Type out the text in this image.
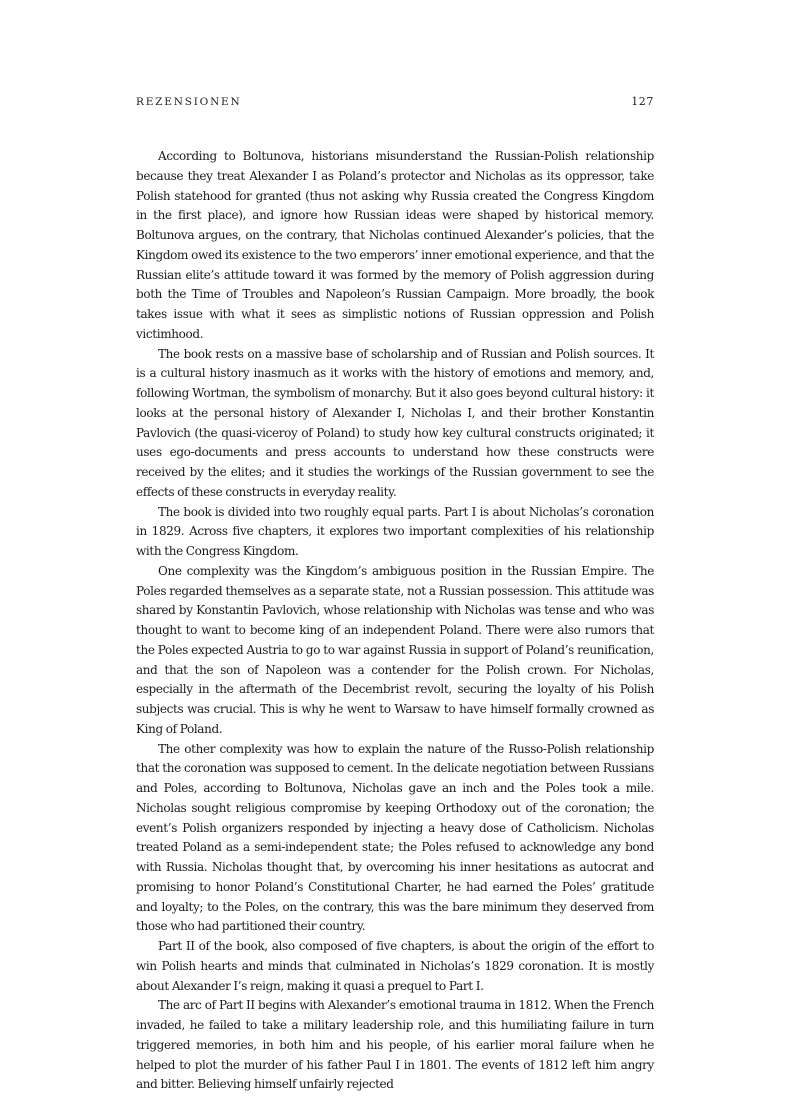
REZENSIONEN	127

According to Boltunova, historians misunderstand the Russian-Polish relationship because they treat Alexander I as Poland’s protector and Nicholas as its oppressor, take Polish statehood for granted (thus not asking why Russia created the Congress Kingdom in the first place), and ignore how Russian ideas were shaped by historical memory. Boltunova argues, on the contrary, that Nicholas continued Alexander’s policies, that the Kingdom owed its existence to the two emperors’ inner emotional experience, and that the Russian elite’s attitude toward it was formed by the memory of Polish aggression during both the Time of Troubles and Napoleon’s Russian Campaign. More broadly, the book takes issue with what it sees as simplistic notions of Russian oppression and Polish victimhood.

The book rests on a massive base of scholarship and of Russian and Polish sources. It is a cultural history inasmuch as it works with the history of emotions and memory, and, following Wortman, the symbolism of monarchy. But it also goes beyond cultural history: it looks at the personal history of Alexander I, Nicholas I, and their brother Konstantin Pavlovich (the quasi-viceroy of Poland) to study how key cultural constructs originated; it uses ego-documents and press accounts to understand how these constructs were received by the elites; and it studies the workings of the Russian government to see the effects of these constructs in everyday reality.

The book is divided into two roughly equal parts. Part I is about Nicholas’s coronation in 1829. Across five chapters, it explores two important complexities of his relationship with the Congress Kingdom.

One complexity was the Kingdom’s ambiguous position in the Russian Empire. The Poles regarded themselves as a separate state, not a Russian possession. This attitude was shared by Konstantin Pavlovich, whose relationship with Nicholas was tense and who was thought to want to become king of an independent Poland. There were also rumors that the Poles expected Austria to go to war against Russia in support of Poland’s reunification, and that the son of Napoleon was a contender for the Polish crown. For Nicholas, especially in the aftermath of the Decembrist revolt, securing the loyalty of his Polish subjects was crucial. This is why he went to Warsaw to have himself formally crowned as King of Poland.

The other complexity was how to explain the nature of the Russo-Polish relationship that the coronation was supposed to cement. In the delicate negotiation between Russians and Poles, according to Boltunova, Nicholas gave an inch and the Poles took a mile. Nicholas sought religious compromise by keeping Orthodoxy out of the coronation; the event’s Polish organizers responded by injecting a heavy dose of Catholicism. Nicholas treated Poland as a semi-independent state; the Poles refused to acknowledge any bond with Russia. Nicholas thought that, by overcoming his inner hesitations as autocrat and promising to honor Poland’s Constitutional Charter, he had earned the Poles’ gratitude and loyalty; to the Poles, on the contrary, this was the bare minimum they deserved from those who had partitioned their country.

Part II of the book, also composed of five chapters, is about the origin of the effort to win Polish hearts and minds that culminated in Nicholas’s 1829 coronation. It is mostly about Alexander I’s reign, making it quasi a prequel to Part I.

The arc of Part II begins with Alexander’s emotional trauma in 1812. When the French invaded, he failed to take a military leadership role, and this humiliating failure in turn triggered memories, in both him and his people, of his earlier moral failure when he helped to plot the murder of his father Paul I in 1801. The events of 1812 left him angry and bitter. Believing himself unfairly rejected
